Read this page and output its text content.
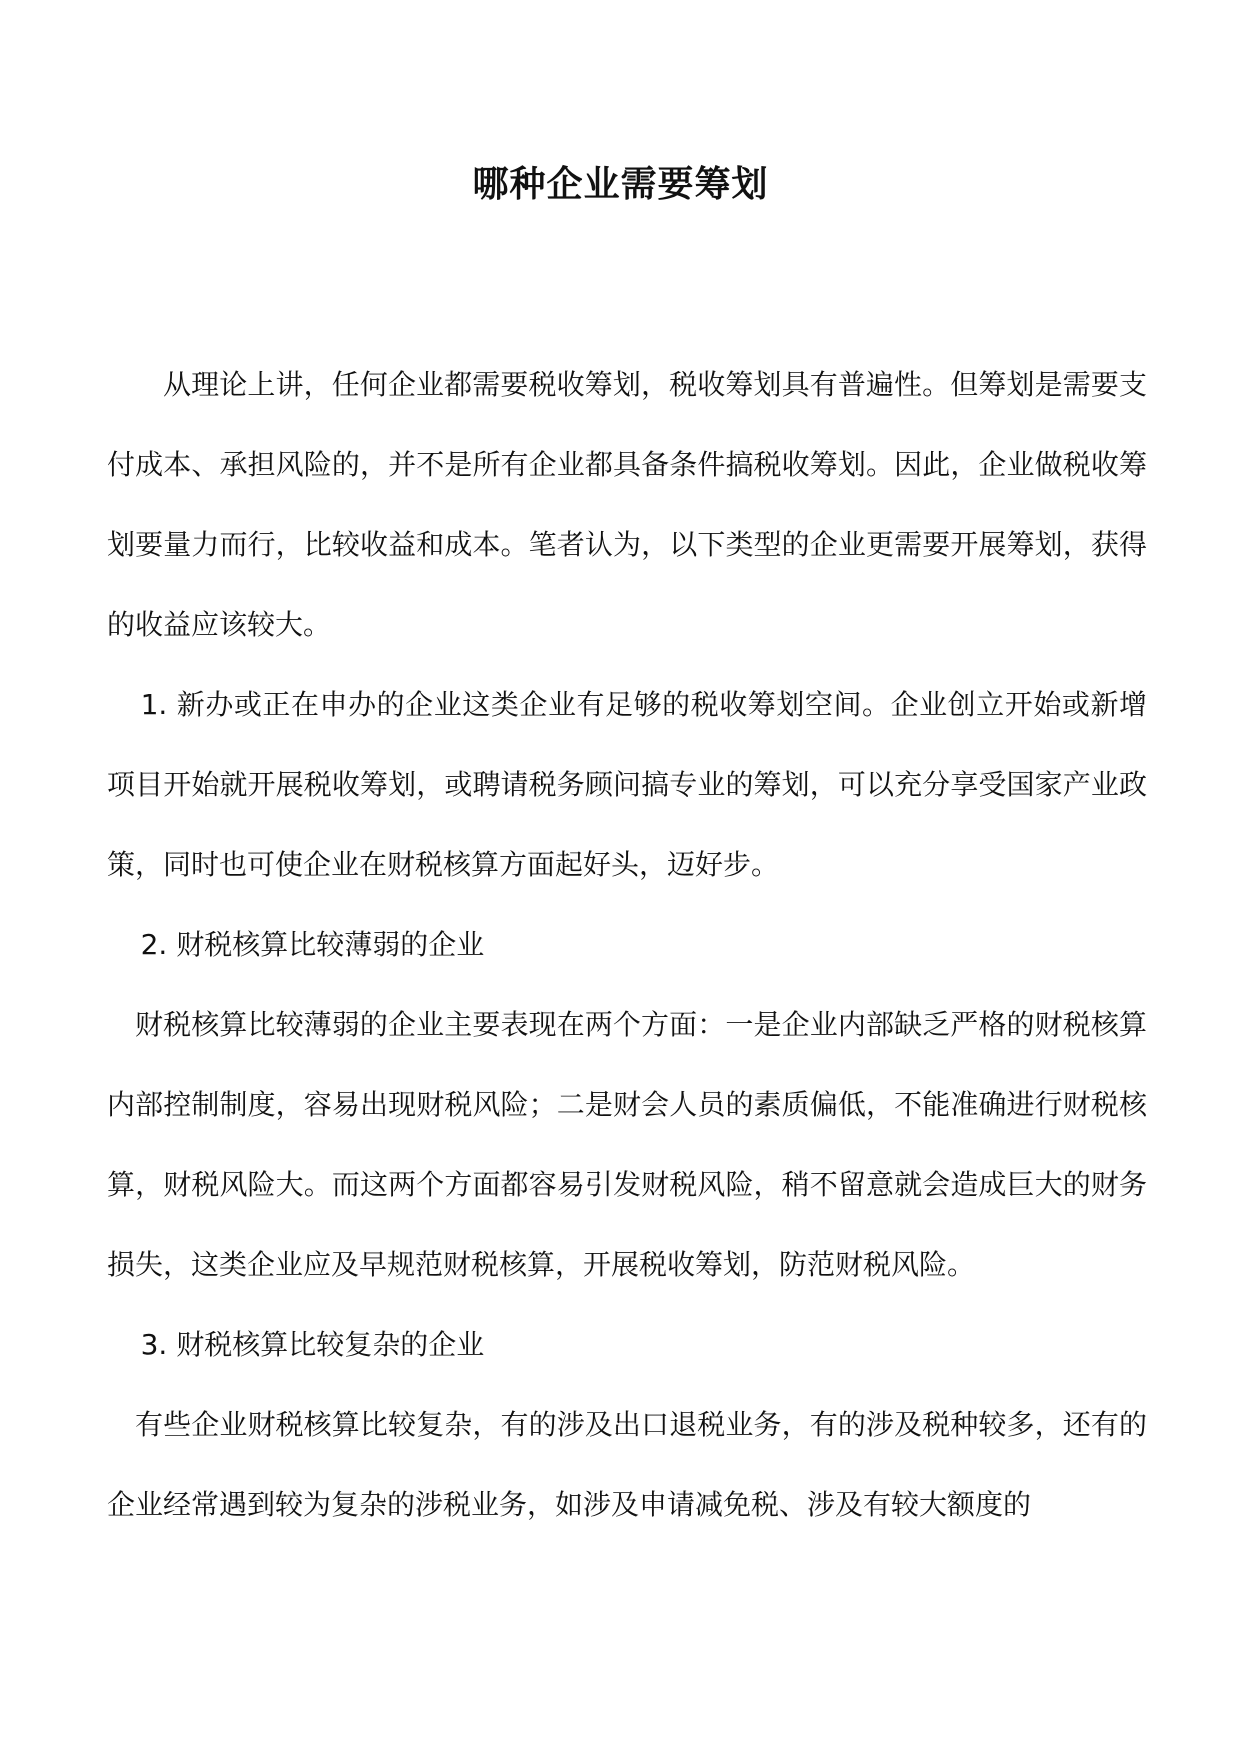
哪种企业需要筹划

从理论上讲，任何企业都需要税收筹划，税收筹划具有普遍性。但筹划是需要支付成本、承担风险的，并不是所有企业都具备条件搞税收筹划。因此，企业做税收筹划要量力而行，比较收益和成本。笔者认为，以下类型的企业更需要开展筹划，获得的收益应该较大。

1. 新办或正在申办的企业这类企业有足够的税收筹划空间。企业创立开始或新增项目开始就开展税收筹划，或聘请税务顾问搞专业的筹划，可以充分享受国家产业政策，同时也可使企业在财税核算方面起好头，迈好步。

2. 财税核算比较薄弱的企业

财税核算比较薄弱的企业主要表现在两个方面：一是企业内部缺乏严格的财税核算内部控制制度，容易出现财税风险；二是财会人员的素质偏低，不能准确进行财税核算，财税风险大。而这两个方面都容易引发财税风险，稍不留意就会造成巨大的财务损失，这类企业应及早规范财税核算，开展税收筹划，防范财税风险。

3. 财税核算比较复杂的企业

有些企业财税核算比较复杂，有的涉及出口退税业务，有的涉及税种较多，还有的企业经常遇到较为复杂的涉税业务，如涉及申请减免税、涉及有较大额度的
